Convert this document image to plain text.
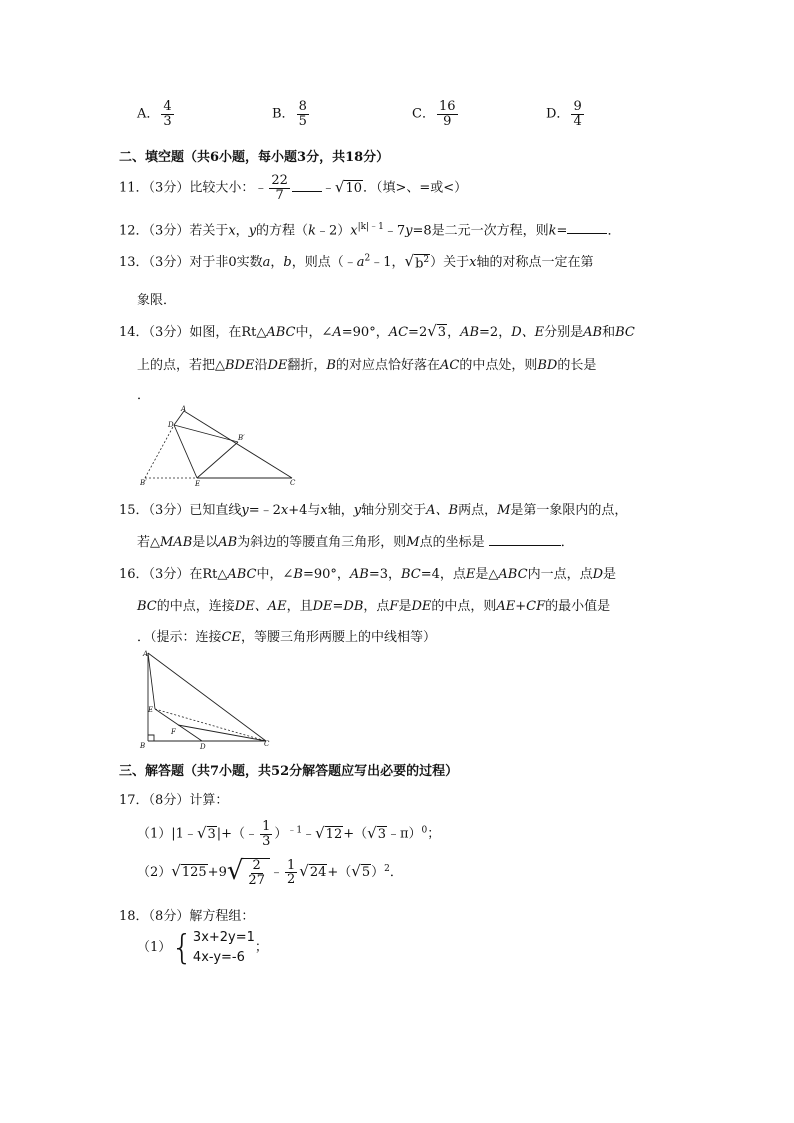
A． $\frac{4}{3}$	B． $\frac{8}{5}$	C． $\frac{16}{9}$	D． $\frac{9}{4}$
二、填空题（共6小题，每小题3分，共18分）
11．（3分）比较大小：﹣ $\frac{22}{7}$ ﹣ √ 10 ．（填>、=或<）
12．（3分）若关于x，y的方程$(k﹣2)x^{|k|﹣1}﹣7y=8$是二元一次方程，则k=	．
13．（3分）对于非0实数a，b，则点（$﹣a^2﹣1$， √ $b^2$ ）关于x轴的对称点一定在第
象限．
14．（3分）如图，在Rt△ABC中，∠A=90°，AC=2 √ 3 ，AB=2，D、E分别是AB和BC
上的点，若把△BDE沿DE翻折，B的对应点恰好落在AC的中点处，则BD的长是
．
A
D
B′
B′	E	C
15．（3分）已知直线y=﹣2x+4与x轴，y轴分别交于A、B两点，M是第一象限内的点，
若△MAB是以AB为斜边的等腰直角三角形，则M点的坐标是	．
16．（3分）在Rt△ABC中，∠B=90°，AB=3，BC=4，点E是△ABC内一点，点D是
BC的中点，连接DE、AE，且DE=DB，点F是DE的中点，则AE+CF的最小值是
．（提示：连接CE，等腰三角形两腰上的中线相等）
A
E
F
B	D	C
三、解答题（共7小题，共52分解答题应写出必要的过程）
17．（8分）计算：
（1）|1﹣ √ 3 |+（﹣ $\frac{1}{3}$ ）$^{﹣1}$﹣ √ 12 +（ √ 3 ﹣π）$^0$；
（2） √ 125 +9 √ $\frac{2}{27}$ ﹣ $\frac{1}{2}$ √ 24 +（ √ 5 ）$^2$．
18．（8分）解方程组：
（1） { 3x+2y=1
4x-y=-6
；
